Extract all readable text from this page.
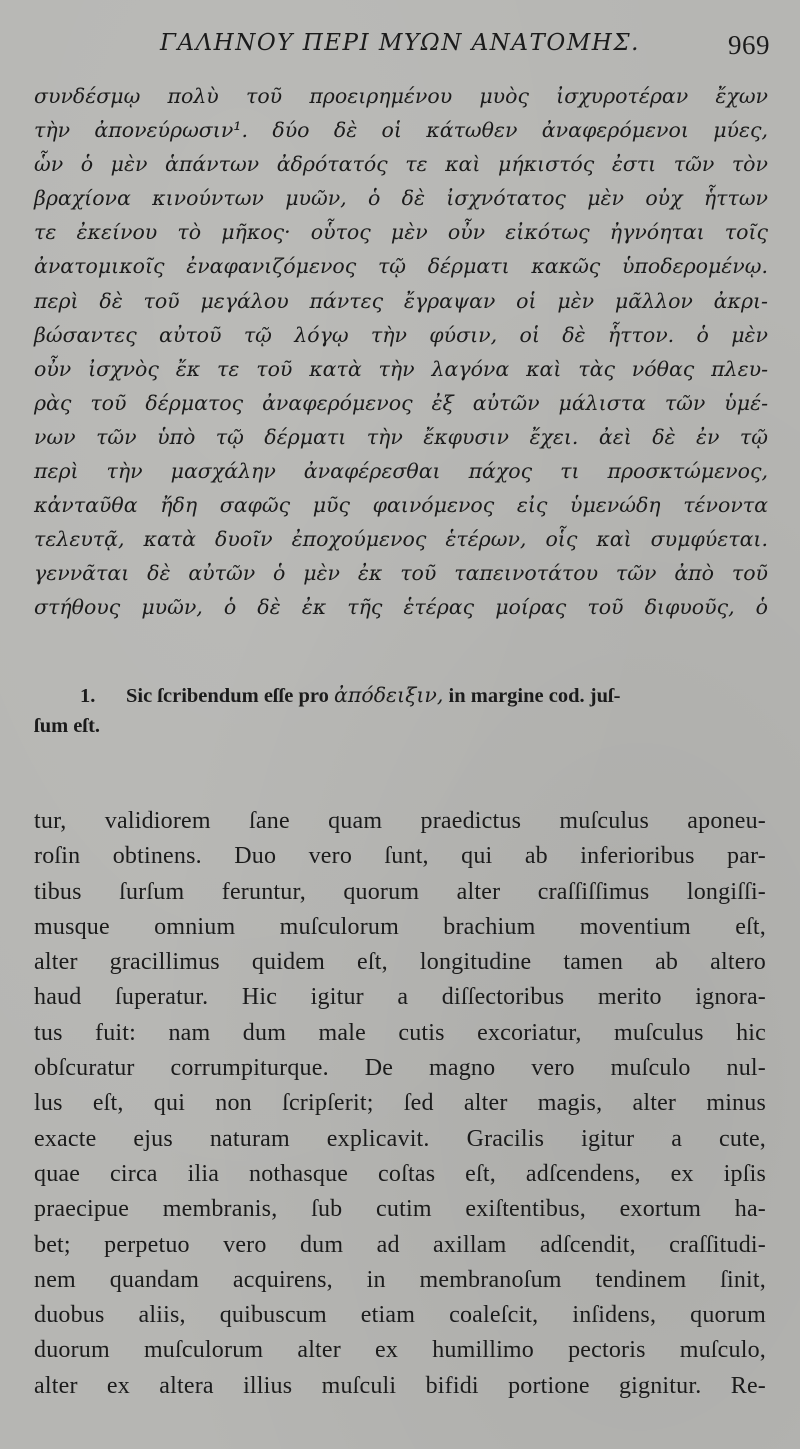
ΓΑΛΗΝΟΥ ΠΕΡΙ ΜΥΩΝ ΑΝΑΤΟΜΗΣ.	969
συνδέσμῳ πολὺ τοῦ προειρημένου μυὸς ἰσχυροτέραν ἔχων
τὴν ἀπονεύρωσιν¹. δύο δὲ οἱ κάτωθεν ἀναφερόμενοι μύες,
ὧν ὁ μὲν ἁπάντων ἀδρότατός τε καὶ μήκιστός ἐστι τῶν τὸν
βραχίονα κινούντων μυῶν, ὁ δὲ ἰσχνότατος μὲν οὐχ ἧττων
τε ἐκείνου τὸ μῆκος· οὗτος μὲν οὖν εἰκότως ἠγνόηται τοῖς
ἀνατομικοῖς ἐναφανιζόμενος τῷ δέρματι κακῶς ὑποδερομένῳ.
περὶ δὲ τοῦ μεγάλου πάντες ἔγραψαν οἱ μὲν μᾶλλον ἀκρι-
βώσαντες αὐτοῦ τῷ λόγῳ τὴν φύσιν, οἱ δὲ ἧττον. ὁ μὲν
οὖν ἰσχνὸς ἔκ τε τοῦ κατὰ τὴν λαγόνα καὶ τὰς νόθας πλευ-
ρὰς τοῦ δέρματος ἀναφερόμενος ἐξ αὐτῶν μάλιστα τῶν ὑμέ-
νων τῶν ὑπὸ τῷ δέρματι τὴν ἔκφυσιν ἔχει. ἀεὶ δὲ ἐν τῷ
περὶ τὴν μασχάλην ἀναφέρεσθαι πάχος τι προσκτώμενος,
κἀνταῦθα ἤδη σαφῶς μῦς φαινόμενος εἰς ὑμενώδη τένοντα
τελευτᾷ, κατὰ δυοῖν ἐποχούμενος ἑτέρων, οἷς καὶ συμφύεται.
γεννᾶται δὲ αὐτῶν ὁ μὲν ἐκ τοῦ ταπεινοτάτου τῶν ἀπὸ τοῦ
στήθους μυῶν, ὁ δὲ ἐκ τῆς ἑτέρας μοίρας τοῦ διφυοῦς, ὁ
1. Sic ſcribendum eſſe pro ἀπόδειξιν, in margine cod. juſ-
ſum eſt.
tur, validiorem ſane quam praedictus muſculus aponeu-
roſin obtinens. Duo vero ſunt, qui ab inferioribus par-
tibus ſurſum feruntur, quorum alter craſſiſſimus longiſſi-
musque omnium muſculorum brachium moventium eſt,
alter gracillimus quidem eſt, longitudine tamen ab altero
haud ſuperatur. Hic igitur a diſſectoribus merito ignora-
tus fuit: nam dum male cutis excoriatur, muſculus hic
obſcuratur corrumpiturque. De magno vero muſculo nul-
lus eſt, qui non ſcripſerit; ſed alter magis, alter minus
exacte ejus naturam explicavit. Gracilis igitur a cute,
quae circa ilia nothasque coſtas eſt, adſcendens, ex ipſis
praecipue membranis, ſub cutim exiſtentibus, exortum ha-
bet; perpetuo vero dum ad axillam adſcendit, craſſitudi-
nem quandam acquirens, in membranoſum tendinem ſinit,
duobus aliis, quibuscum etiam coaleſcit, inſidens, quorum
duorum muſculorum alter ex humillimo pectoris muſculo,
alter ex altera illius muſculi bifidi portione gignitur. Re-
